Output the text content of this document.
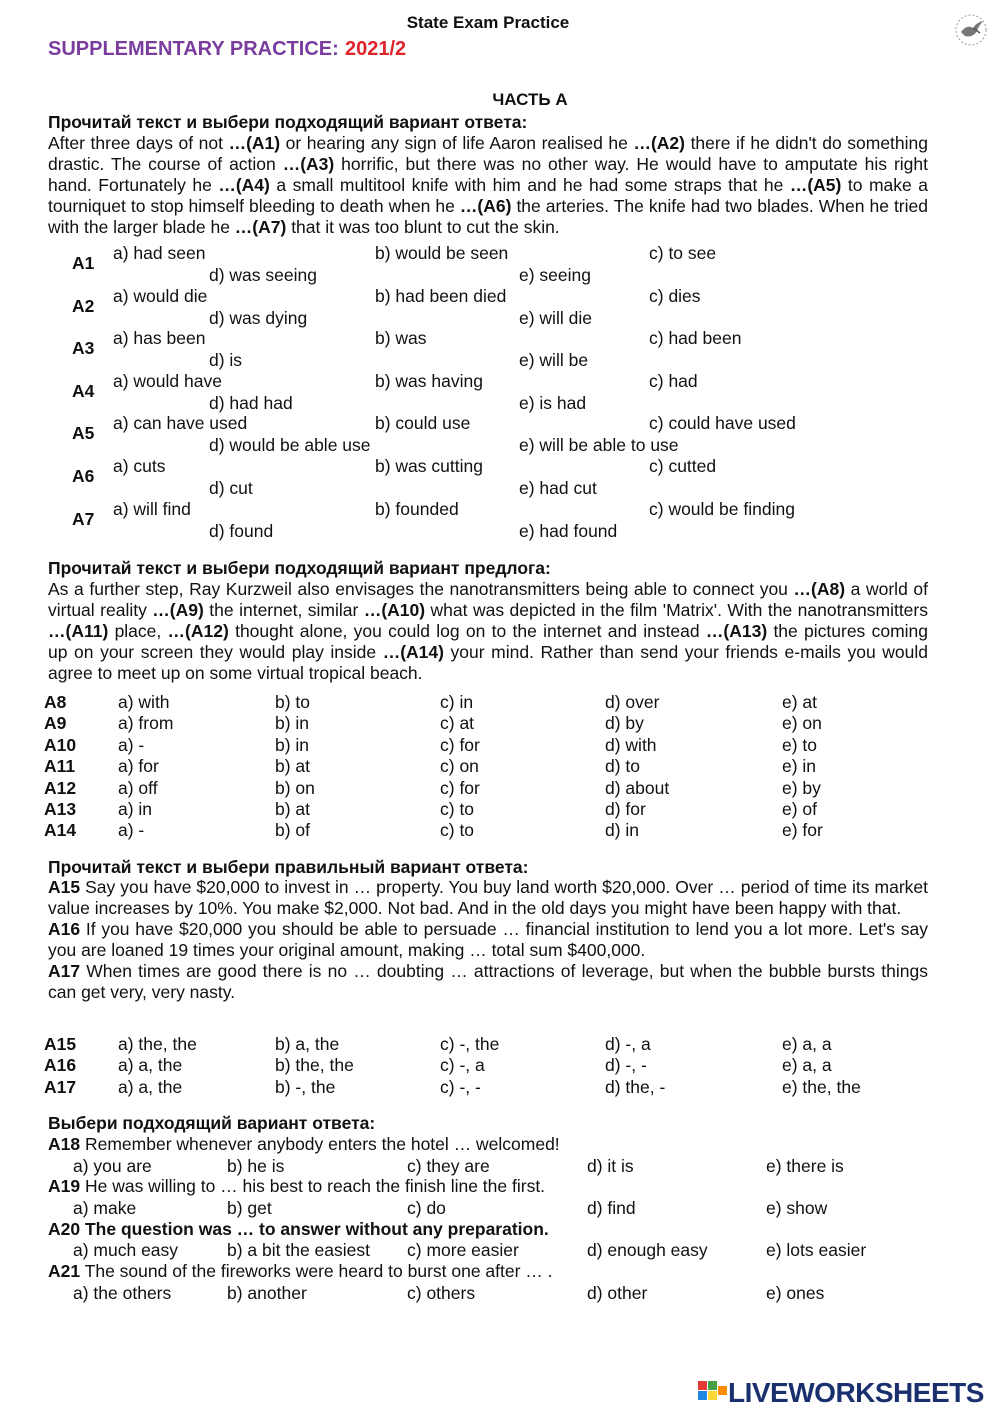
State Exam Practice
SUPPLEMENTARY PRACTICE: 2021/2
ЧАСТЬ А
Прочитай текст и выбери подходящий вариант ответа:
After three days of not …(A1) or hearing any sign of life Aaron realised he …(A2) there if he didn't do something drastic. The course of action …(A3) horrific, but there was no other way. He would have to amputate his right hand. Fortunately he …(A4) a small multitool knife with him and he had some straps that he …(A5) to make a tourniquet to stop himself bleeding to death when he …(A6) the arteries. The knife had two blades. When he tried with the larger blade he …(A7) that it was too blunt to cut the skin.
A1 a) had seen	b) would be seen	c) to see
d) was seeing	e) seeing
A2 a) would die	b) had been died	c) dies
d) was dying	e) will die
A3 a) has been	b) was	c) had been
d) is	e) will be
A4 a) would have	b) was having	c) had
d) had had	e) is had
A5 a) can have used	b) could use	c) could have used
d) would be able use	e) will be able to use
A6 a) cuts	b) was cutting	c) cutted
d) cut	e) had cut
A7 a) will find	b) founded	c) would be finding
d) found	e) had found
Прочитай текст и выбери подходящий вариант предлога:
As a further step, Ray Kurzweil also envisages the nanotransmitters being able to connect you …(A8) a world of virtual reality …(A9) the internet, similar …(A10) what was depicted in the film 'Matrix'. With the nanotransmitters …(A11) place, …(A12) thought alone, you could log on to the internet and instead …(A13) the pictures coming up on your screen they would play inside …(A14) your mind. Rather than send your friends e-mails you would agree to meet up on some virtual tropical beach.
A8	a) with	b) to	c) in	d) over	e) at
A9	a) from	b) in	c) at	d) by	e) on
A10 a) -	b) in	c) for	d) with	e) to
A11 a) for	b) at	c) on	d) to	e) in
A12 a) off	b) on	c) for	d) about	e) by
A13 a) in	b) at	c) to	d) for	e) of
A14 a) -	b) of	c) to	d) in	e) for
Прочитай текст и выбери правильный вариант ответа:
A15 Say you have $20,000 to invest in … property. You buy land worth $20,000. Over … period of time its market value increases by 10%. You make $2,000. Not bad. And in the old days you might have been happy with that.
A16 If you have $20,000 you should be able to persuade … financial institution to lend you a lot more. Let's say you are loaned 19 times your original amount, making … total sum $400,000.
A17 When times are good there is no … doubting … attractions of leverage, but when the bubble bursts things can get very, very nasty.
A15 a) the, the	b) a, the	c) -, the	d) -, a	e) a, a
A16 a) a, the	b) the, the	c) -, a	d) -, -	e) a, a
A17 a) a, the	b) -, the	c) -, -	d) the, -	e) the, the
Выбери подходящий вариант ответа:
A18 Remember whenever anybody enters the hotel … welcomed!
a) you are	b) he is	c) they are	d) it is	e) there is
A19 He was willing to … his best to reach the finish line the first.
a) make	b) get	c) do	d) find	e) show
A20 The question was … to answer without any preparation.
a) much easy	b) a bit the easiest c) more easier	d) enough easy	e) lots easier
A21 The sound of the fireworks were heard to burst one after … .
a) the others	b) another	c) others	d) other	e) ones
LIVEWORKSHEETS
